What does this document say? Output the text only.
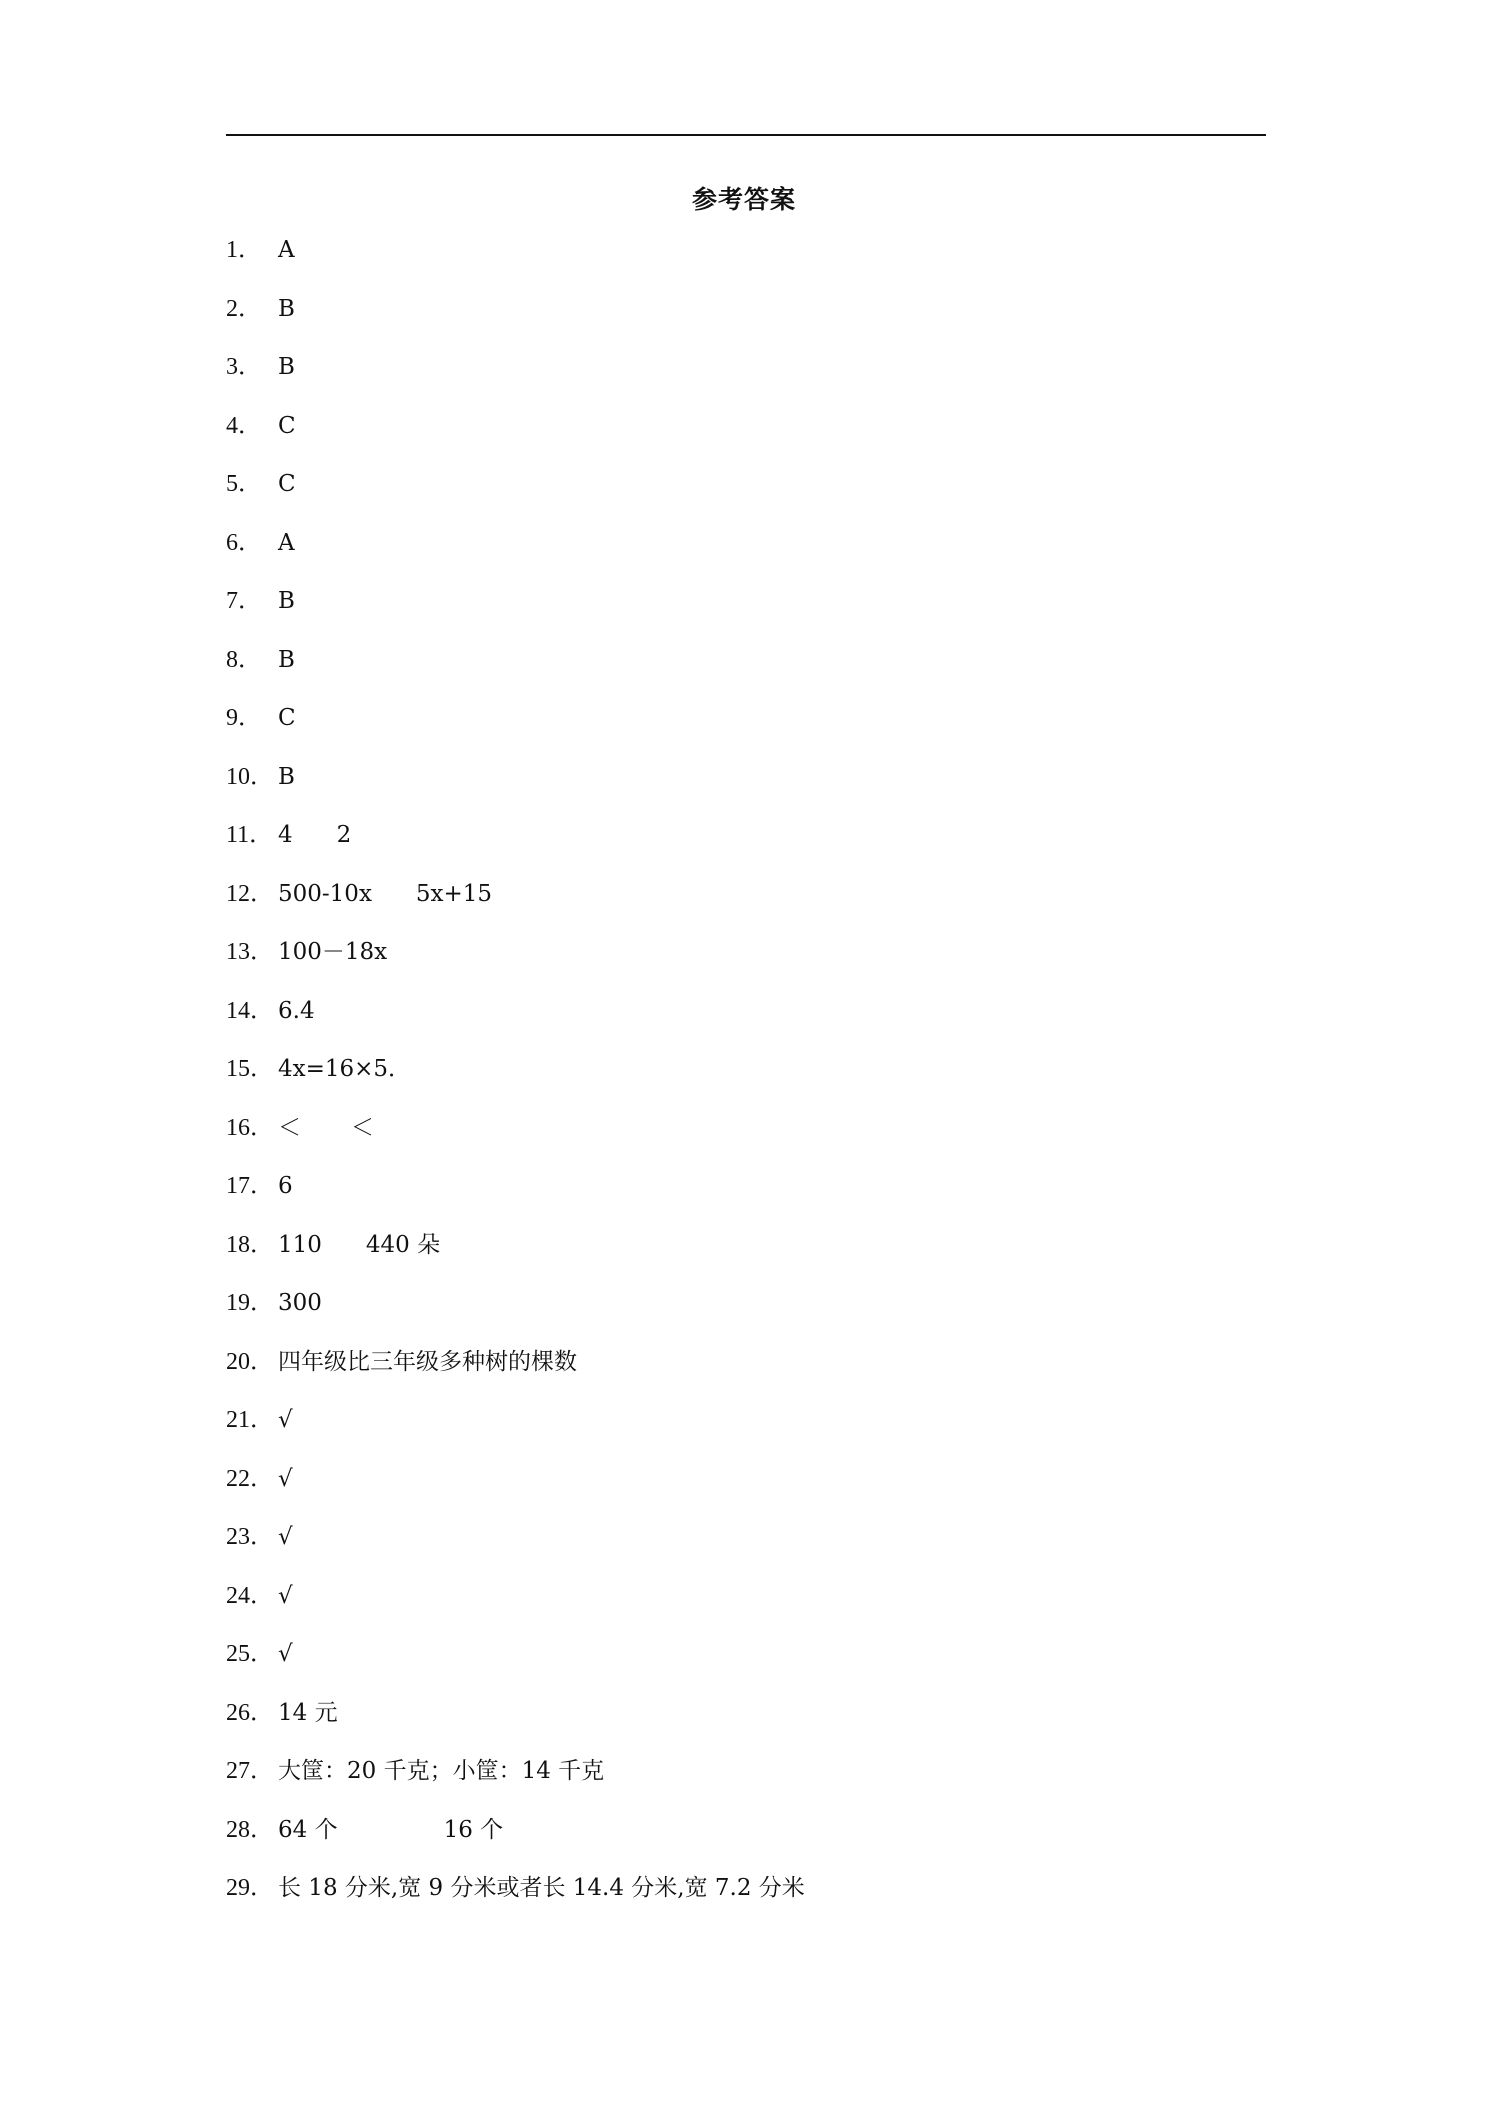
参考答案
1． A
2． B
3． B
4． C
5． C
6． A
7． B
8． B
9． C
10． B
11． 4 2
12． 500-10x 5x+15
13． 100－18x
14． 6.4
15． 4x=16×5．
16． ＜ ＜
17． 6
18． 110 440 朵
19． 300
20． 四年级比三年级多种树的棵数
21． √
22． √
23． √
24． √
25． √
26． 14 元
27． 大筐：20 千克；小筐：14 千克
28． 64 个	16 个
29． 长 18 分米,宽 9 分米或者长 14.4 分米,宽 7.2 分米
